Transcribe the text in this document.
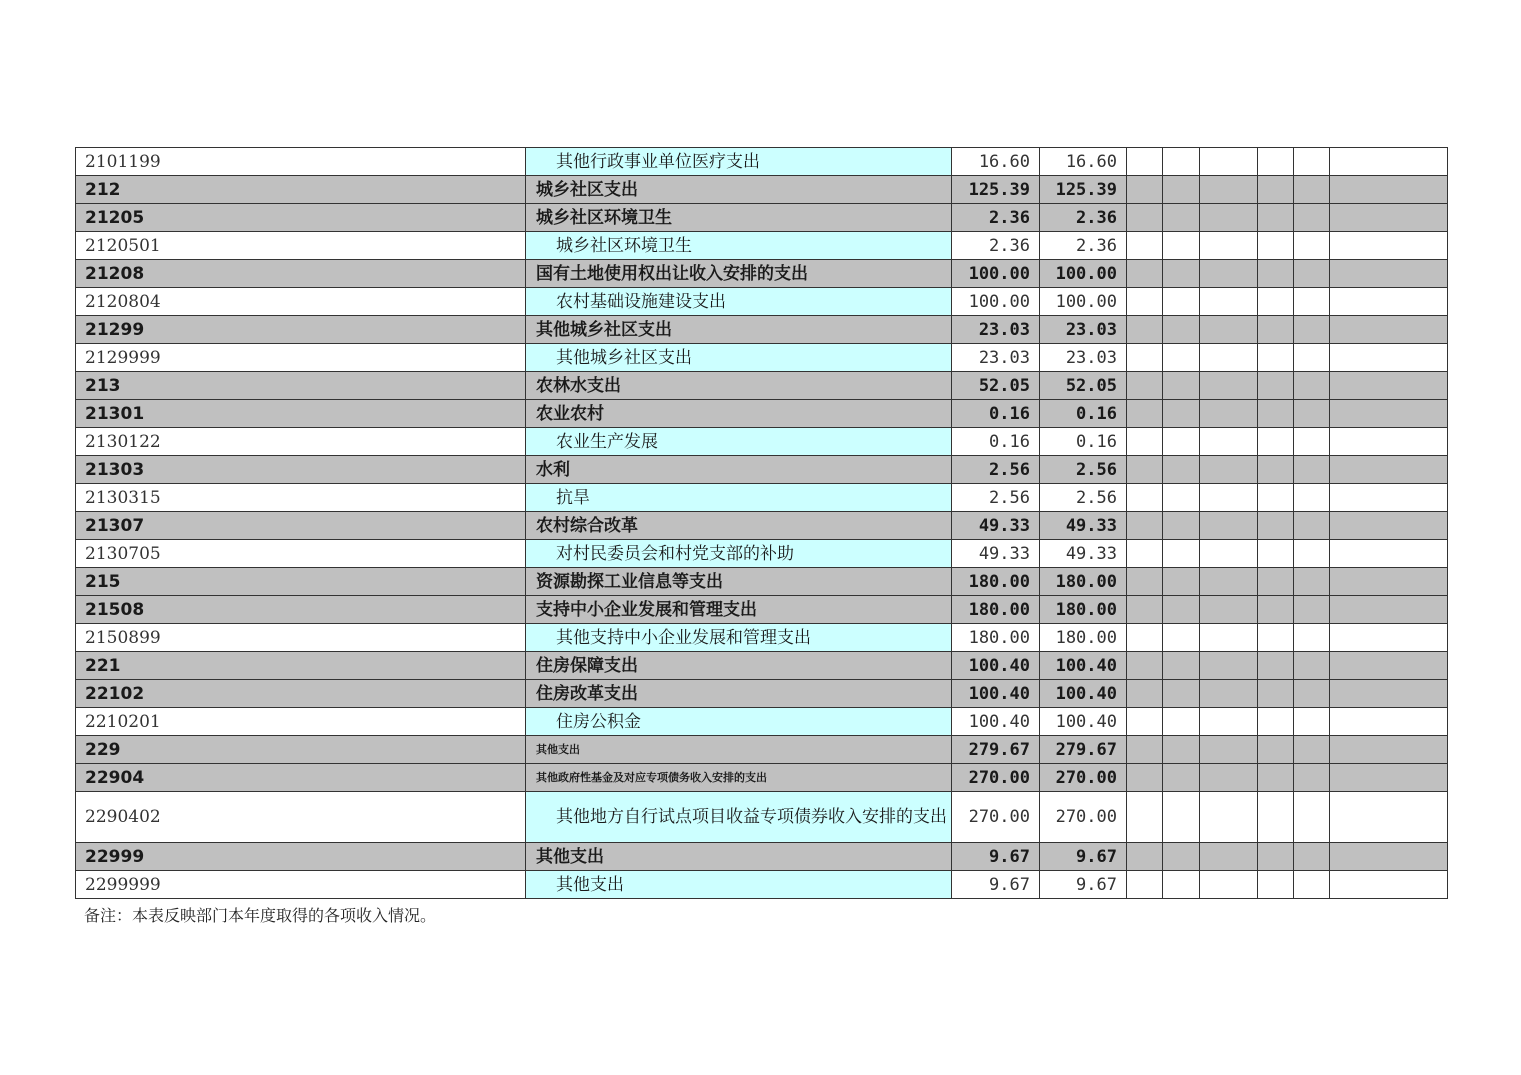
2101199	其他行政事业单位医疗支出	16.60	16.60						
212	城乡社区支出	125.39	125.39						
21205	城乡社区环境卫生	2.36	2.36						
2120501	城乡社区环境卫生	2.36	2.36						
21208	国有土地使用权出让收入安排的支出	100.00	100.00						
2120804	农村基础设施建设支出	100.00	100.00						
21299	其他城乡社区支出	23.03	23.03						
2129999	其他城乡社区支出	23.03	23.03						
213	农林水支出	52.05	52.05						
21301	农业农村	0.16	0.16						
2130122	农业生产发展	0.16	0.16						
21303	水利	2.56	2.56						
2130315	抗旱	2.56	2.56						
21307	农村综合改革	49.33	49.33						
2130705	对村民委员会和村党支部的补助	49.33	49.33						
215	资源勘探工业信息等支出	180.00	180.00						
21508	支持中小企业发展和管理支出	180.00	180.00						
2150899	其他支持中小企业发展和管理支出	180.00	180.00						
221	住房保障支出	100.40	100.40						
22102	住房改革支出	100.40	100.40						
2210201	住房公积金	100.40	100.40						
229	其他支出	279.67	279.67						
22904	其他政府性基金及对应专项债务收入安排的支出	270.00	270.00						
2290402	其他地方自行试点项目收益专项债券收入安排的支出	270.00	270.00						
22999	其他支出	9.67	9.67						
2299999	其他支出	9.67	9.67						
备注：本表反映部门本年度取得的各项收入情况。
